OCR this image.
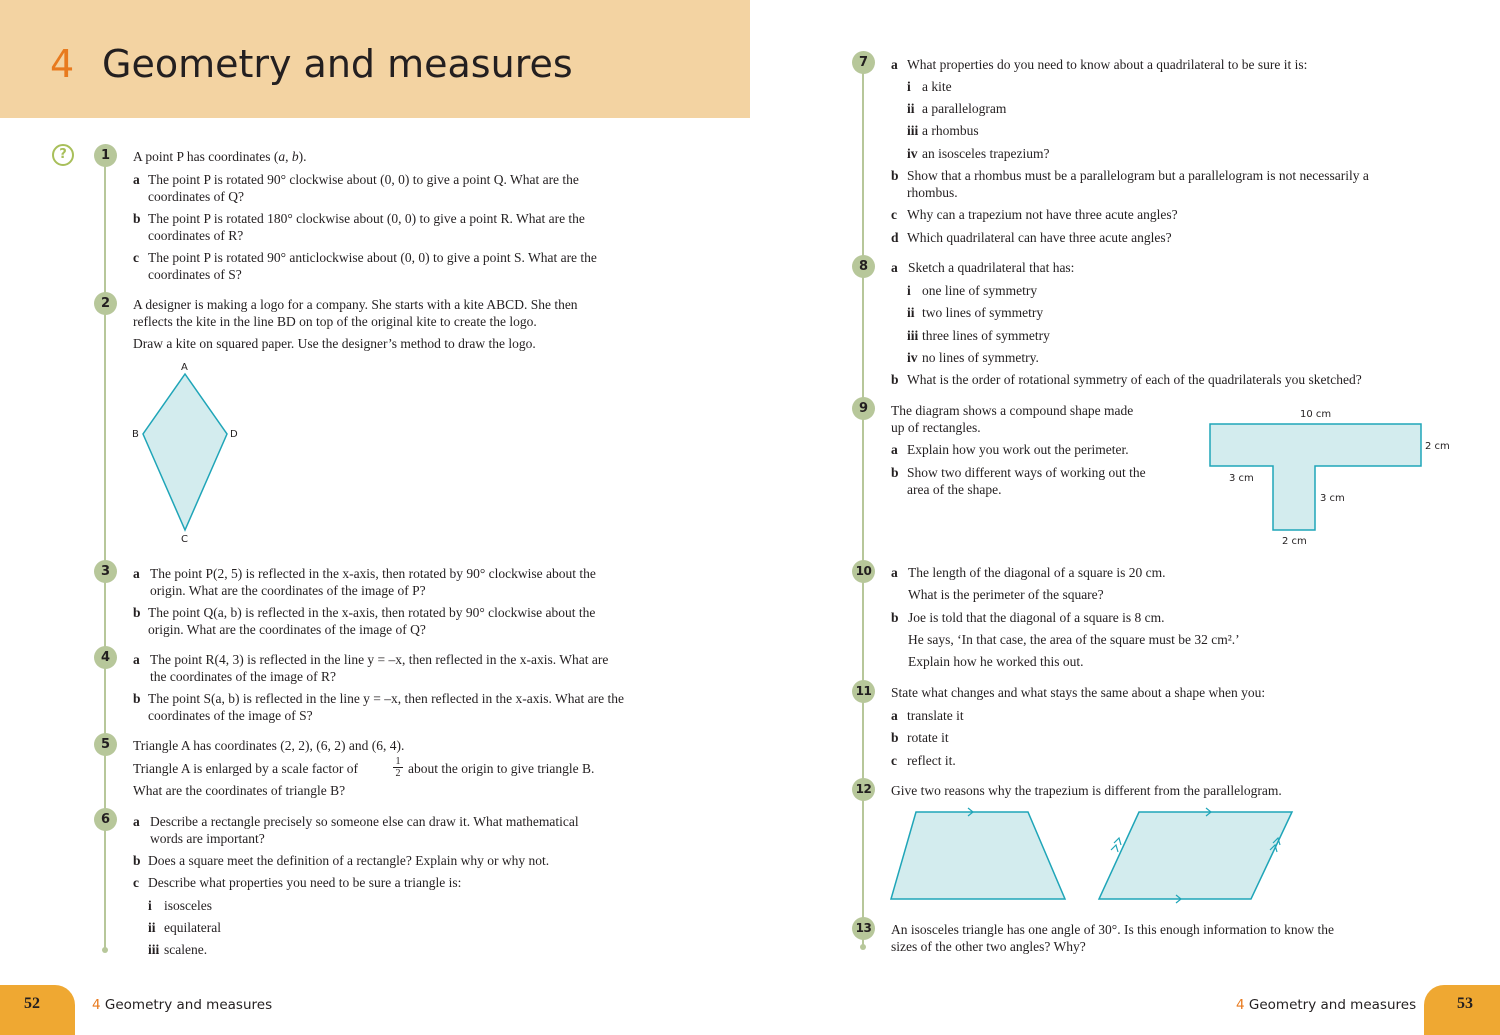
4 Geometry and measures
?	1	A point P has coordinates (a, b).
a The point P is rotated 90° clockwise about (0, 0) to give a point Q. What are the
coordinates of Q?
b The point P is rotated 180° clockwise about (0, 0) to give a point R. What are the
coordinates of R?
c The point P is rotated 90° anticlockwise about (0, 0) to give a point S. What are the
coordinates of S?
2	A designer is making a logo for a company. She starts with a kite ABCD. She then
reflects the kite in the line BD on top of the original kite to create the logo.
Draw a kite on squared paper. Use the designer’s method to draw the logo.
A
B	D
C
3	a The point P(2, 5) is reflected in the x-axis, then rotated by 90° clockwise about the
origin. What are the coordinates of the image of P?
b The point Q(a, b) is reflected in the x-axis, then rotated by 90° clockwise about the
origin. What are the coordinates of the image of Q?
4	a The point R(4, 3) is reflected in the line y = –x, then reflected in the x-axis. What are
the coordinates of the image of R?
b The point S(a, b) is reflected in the line y = –x, then reflected in the x-axis. What are the
coordinates of the image of S?
5	Triangle A has coordinates (2, 2), (6, 2) and (6, 4).
Triangle A is enlarged by a scale factor of	$\frac{1}{2}$ about the origin to give triangle B.
What are the coordinates of triangle B?
6	a Describe a rectangle precisely so someone else can draw it. What mathematical
words are important?
b Does a square meet the definition of a rectangle? Explain why or why not.
c Describe what properties you need to be sure a triangle is:
i isosceles
ii equilateral
iii scalene.
7	a What properties do you need to know about a quadrilateral to be sure it is:
i a kite
ii a parallelogram
iii a rhombus
iv an isosceles trapezium?
b Show that a rhombus must be a parallelogram but a parallelogram is not necessarily a
rhombus.
c Why can a trapezium not have three acute angles?
d Which quadrilateral can have three acute angles?
8	a Sketch a quadrilateral that has:
i one line of symmetry
ii two lines of symmetry
iii three lines of symmetry
iv no lines of symmetry.
b What is the order of rotational symmetry of each of the quadrilaterals you sketched?
9	The diagram shows a compound shape made
up of rectangles.
a Explain how you work out the perimeter.
b Show two different ways of working out the
area of the shape.
10 cm
2 cm
3 cm
3 cm
2 cm
10 a The length of the diagonal of a square is 20 cm.
What is the perimeter of the square?
b Joe is told that the diagonal of a square is 8 cm.
He says, ‘In that case, the area of the square must be 32 cm².’
Explain how he worked this out.
11 State what changes and what stays the same about a shape when you:
a translate it
b rotate it
c reflect it.
12 Give two reasons why the trapezium is different from the parallelogram.
13 An isosceles triangle has one angle of 30°. Is this enough information to know the
sizes of the other two angles? Why?
52	4 Geometry and measures	53
4 Geometry and measures
